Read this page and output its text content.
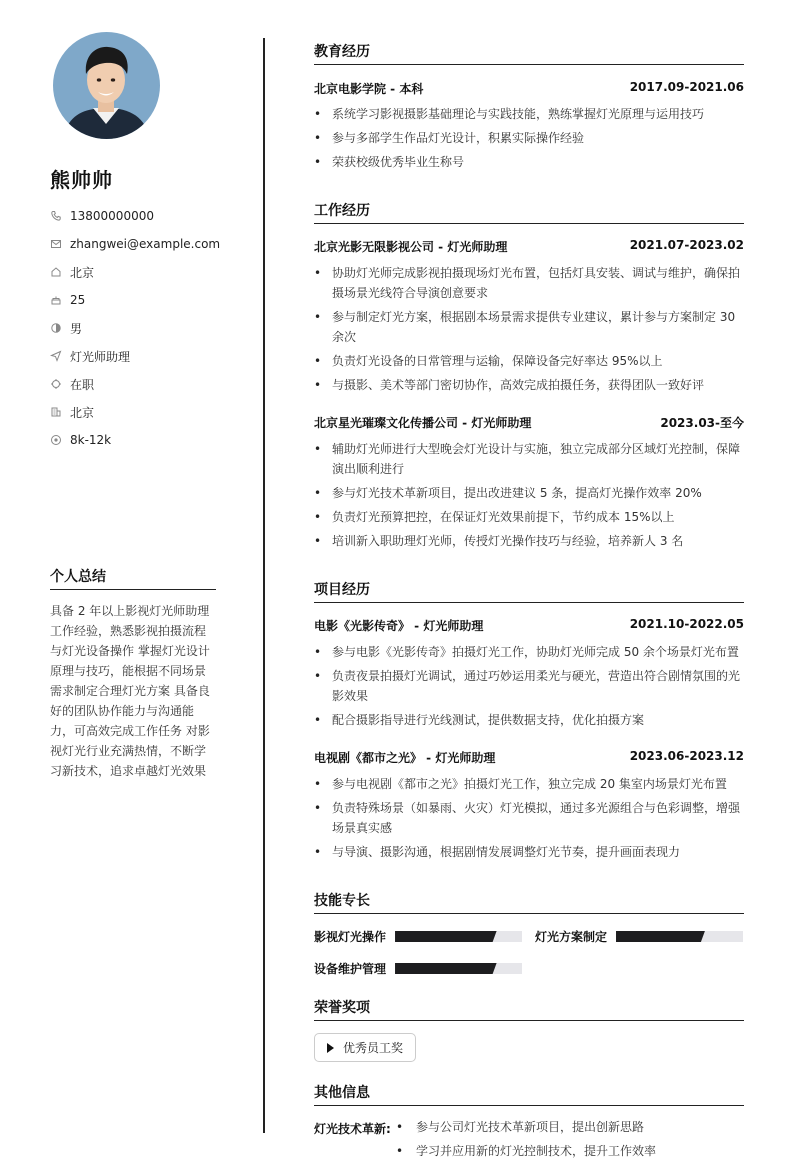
熊帅帅
13800000000
zhangwei@example.com
北京
25
男
灯光师助理
在职
北京
8k-12k
个人总结
具备 2 年以上影视灯光师助理工作经验，熟悉影视拍摄流程与灯光设备操作 掌握灯光设计原理与技巧，能根据不同场景需求制定合理灯光方案 具备良好的团队协作能力与沟通能力，可高效完成工作任务 对影视灯光行业充满热情，不断学习新技术，追求卓越灯光效果
教育经历
北京电影学院 - 本科	2017.09-2021.06
• 系统学习影视摄影基础理论与实践技能，熟练掌握灯光原理与运用技巧
• 参与多部学生作品灯光设计，积累实际操作经验
• 荣获校级优秀毕业生称号
工作经历
北京光影无限影视公司 - 灯光师助理	2021.07-2023.02
• 协助灯光师完成影视拍摄现场灯光布置，包括灯具安装、调试与维护，确保拍摄场景光线符合导演创意要求
• 参与制定灯光方案，根据剧本场景需求提供专业建议，累计参与方案制定 30 余次
• 负责灯光设备的日常管理与运输，保障设备完好率达 95%以上
• 与摄影、美术等部门密切协作，高效完成拍摄任务，获得团队一致好评
北京星光璀璨文化传播公司 - 灯光师助理	2023.03-至今
• 辅助灯光师进行大型晚会灯光设计与实施，独立完成部分区域灯光控制，保障演出顺利进行
• 参与灯光技术革新项目，提出改进建议 5 条，提高灯光操作效率 20%
• 负责灯光预算把控，在保证灯光效果前提下，节约成本 15%以上
• 培训新入职助理灯光师，传授灯光操作技巧与经验，培养新人 3 名
项目经历
电影《光影传奇》 - 灯光师助理	2021.10-2022.05
• 参与电影《光影传奇》拍摄灯光工作，协助灯光师完成 50 余个场景灯光布置
• 负责夜景拍摄灯光调试，通过巧妙运用柔光与硬光，营造出符合剧情氛围的光影效果
• 配合摄影指导进行光线测试，提供数据支持，优化拍摄方案
电视剧《都市之光》 - 灯光师助理	2023.06-2023.12
• 参与电视剧《都市之光》拍摄灯光工作，独立完成 20 集室内场景灯光布置
• 负责特殊场景（如暴雨、火灾）灯光模拟，通过多光源组合与色彩调整，增强场景真实感
• 与导演、摄影沟通，根据剧情发展调整灯光节奏，提升画面表现力
技能专长
影视灯光操作	灯光方案制定
设备维护管理
荣誉奖项
优秀员工奖
其他信息
灯光技术革新:
•	参与公司灯光技术革新项目，提出创新思路
• 学习并应用新的灯光控制技术，提升工作效率
